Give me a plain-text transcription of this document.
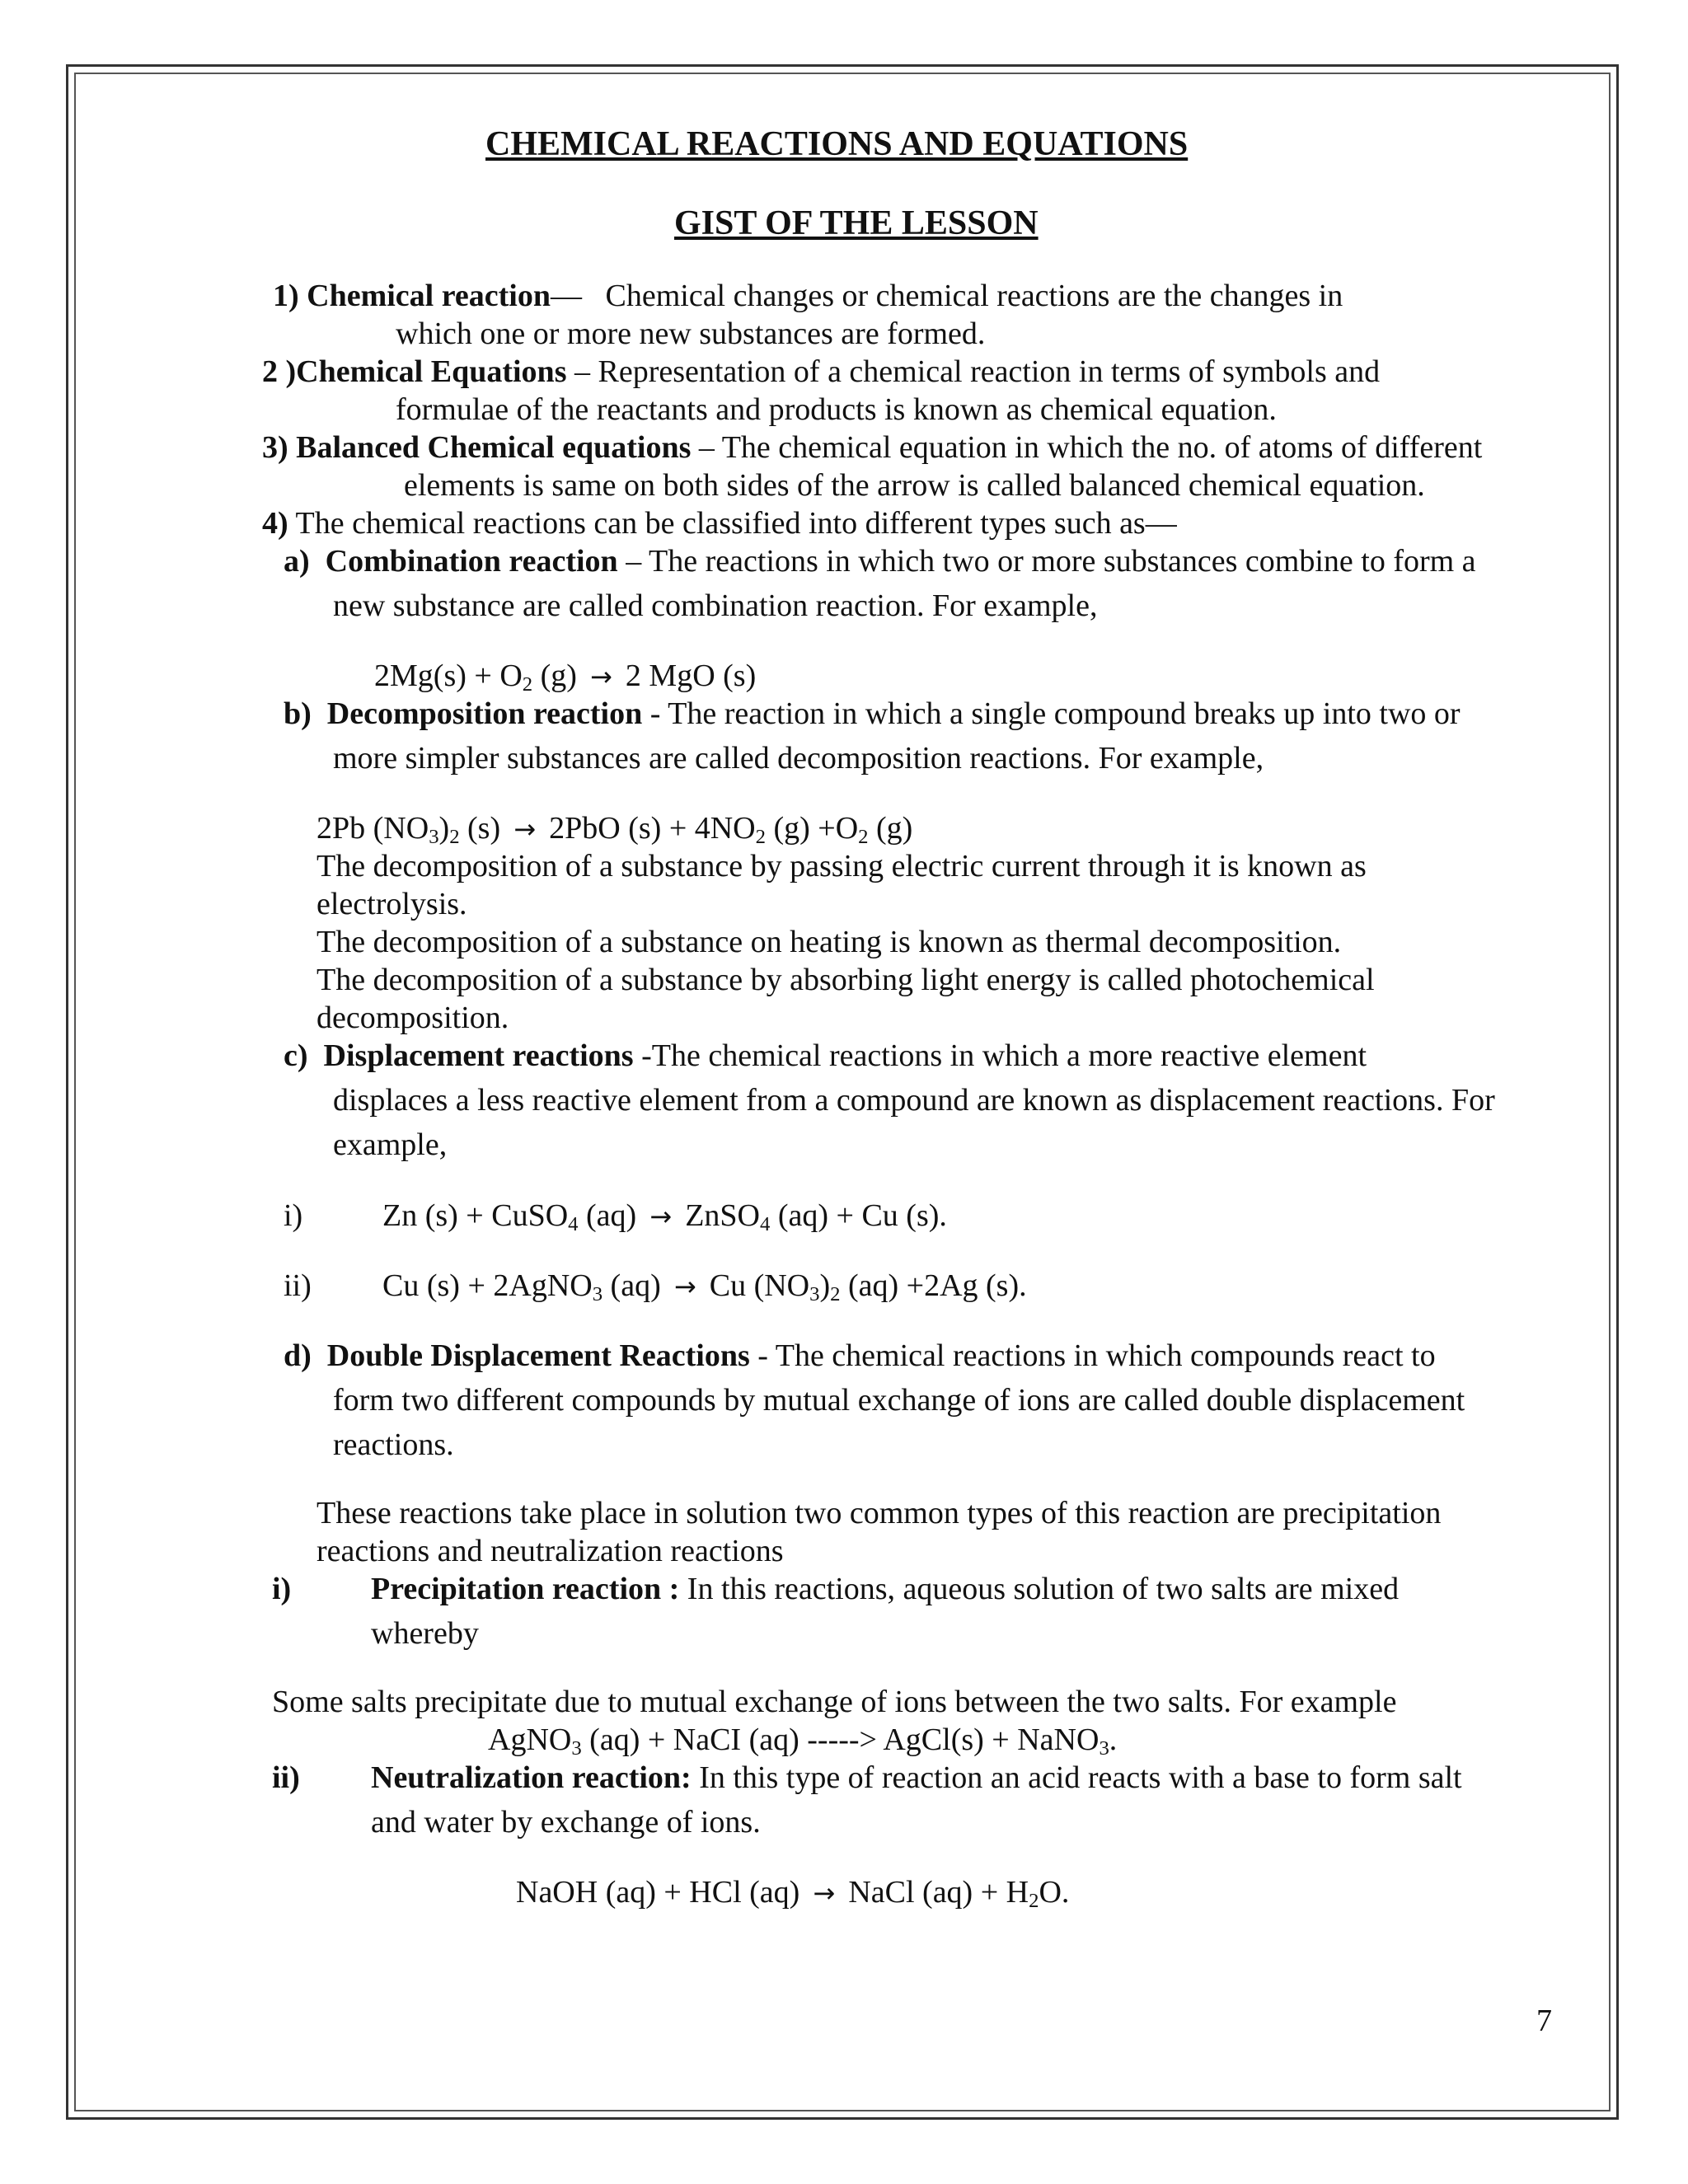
CHEMICAL REACTIONS AND EQUATIONS
GIST OF THE LESSON
1) Chemical reaction— Chemical changes or chemical reactions are the changes in
which one or more new substances are formed.
2 )Chemical Equations – Representation of a chemical reaction in terms of symbols and
formulae of the reactants and products is known as chemical equation.
3) Balanced Chemical equations – The chemical equation in which the no. of atoms of different
elements is same on both sides of the arrow is called balanced chemical equation.
4) The chemical reactions can be classified into different types such as—
a) Combination reaction – The reactions in which two or more substances combine to form a
new substance are called combination reaction. For example,
$2Mg(s) + O_2$ (g) → 2 MgO (s)
b) Decomposition reaction - The reaction in which a single compound breaks up into two or
more simpler substances are called decomposition reactions. For example,
2Pb $(NO_3)_2$ (s) → 2PbO $(s) + 4NO_2$ $(g) +O_2$ (g)
The decomposition of a substance by passing electric current through it is known as
electrolysis.
The decomposition of a substance on heating is known as thermal decomposition.
The decomposition of a substance by absorbing light energy is called photochemical
decomposition.
c) Displacement reactions -The chemical reactions in which a more reactive element
displaces a less reactive element from a compound are known as displacement reactions. For
example,
i)	Zn (s) + CuSO$_4$ (aq) → ZnSO$_4$ (aq) + Cu (s).
ii) Cu (s) + 2AgNO$_3$ (aq) → Cu $(NO_3)_2$ (aq) +2Ag (s).
d) Double Displacement Reactions - The chemical reactions in which compounds react to
form two different compounds by mutual exchange of ions are called double displacement
reactions.
These reactions take place in solution two common types of this reaction are precipitation
reactions and neutralization reactions
i)	Precipitation reaction : In this reactions, aqueous solution of two salts are mixed
whereby
Some salts precipitate due to mutual exchange of ions between the two salts. For example
AgNO$_3$ (aq) + NaCI (aq) -----> AgCl(s) + NaNO$_3$.
ii) Neutralization reaction: In this type of reaction an acid reacts with a base to form salt
and water by exchange of ions.
NaOH (aq) + HCl (aq) → NaCl $(aq) + H_2O$.
7
